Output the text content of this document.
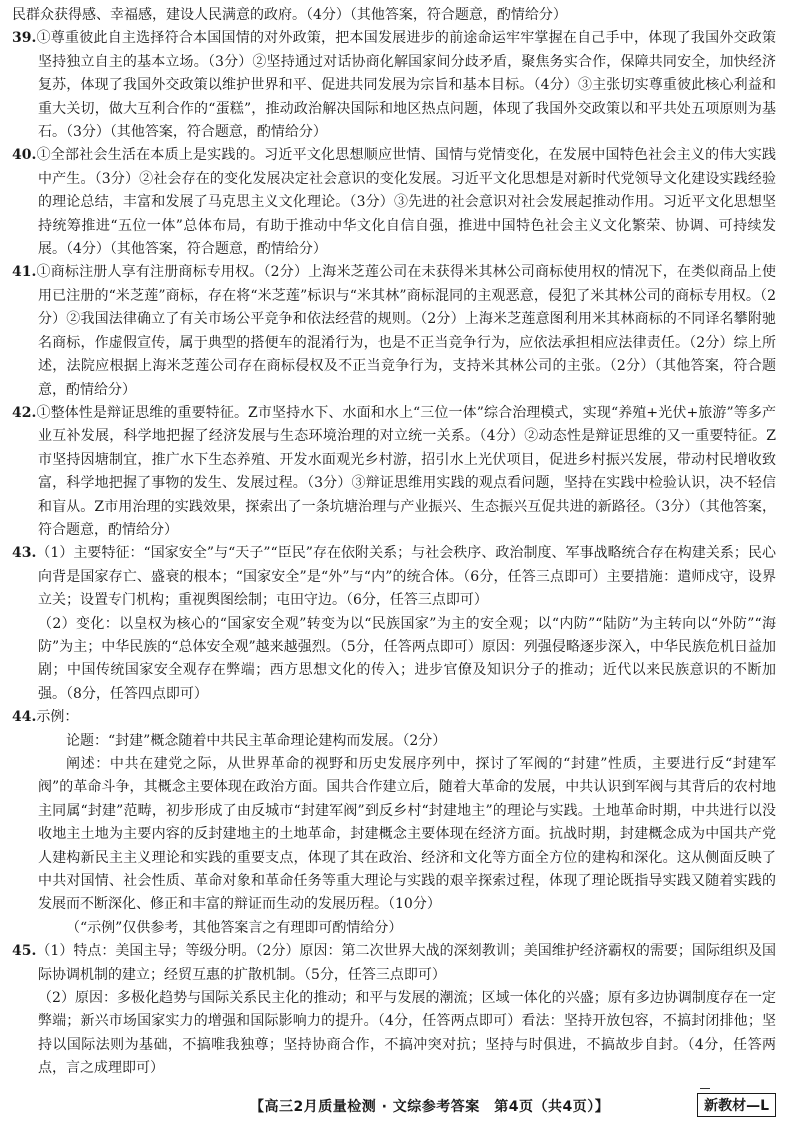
民群众获得感、幸福感，建设人民满意的政府。（4分）（其他答案，符合题意，酌情给分）

39.①尊重彼此自主选择符合本国国情的对外政策，把本国发展进步的前途命运牢牢掌握在自己手中，体现了我国外交政策坚持独立自主的基本立场。（3分）②坚持通过对话协商化解国家间分歧矛盾，聚焦务实合作，保障共同安全，加快经济复苏，体现了我国外交政策以维护世界和平、促进共同发展为宗旨和基本目标。（4分）③主张切实尊重彼此核心利益和重大关切，做大互利合作的“蛋糕”，推动政治解决国际和地区热点问题，体现了我国外交政策以和平共处五项原则为基石。（3分）（其他答案，符合题意，酌情给分）

40.①全部社会生活在本质上是实践的。习近平文化思想顺应世情、国情与党情变化，在发展中国特色社会主义的伟大实践中产生。（3分）②社会存在的变化发展决定社会意识的变化发展。习近平文化思想是对新时代党领导文化建设实践经验的理论总结，丰富和发展了马克思主义文化理论。（3分）③先进的社会意识对社会发展起推动作用。习近平文化思想坚持统筹推进“五位一体”总体布局，有助于推动中华文化自信自强，推进中国特色社会主义文化繁荣、协调、可持续发展。（4分）（其他答案，符合题意，酌情给分）

41.①商标注册人享有注册商标专用权。（2分）上海米芝莲公司在未获得米其林公司商标使用权的情况下，在类似商品上使用已注册的“米芝莲”商标，存在将“米芝莲”标识与“米其林”商标混同的主观恶意，侵犯了米其林公司的商标专用权。（2分）②我国法律确立了有关市场公平竞争和依法经营的规则。（2分）上海米芝莲意图利用米其林商标的不同译名攀附驰名商标，作虚假宣传，属于典型的搭便车的混淆行为，也是不正当竞争行为，应依法承担相应法律责任。（2分）综上所述，法院应根据上海米芝莲公司存在商标侵权及不正当竞争行为，支持米其林公司的主张。（2分）（其他答案，符合题意，酌情给分）

42.①整体性是辩证思维的重要特征。Z市坚持水下、水面和水上“三位一体”综合治理模式，实现“养殖+光伏+旅游”等多产业互补发展，科学地把握了经济发展与生态环境治理的对立统一关系。（4分）②动态性是辩证思维的又一重要特征。Z市坚持因塘制宜，推广水下生态养殖、开发水面观光乡村游，招引水上光伏项目，促进乡村振兴发展，带动村民增收致富，科学地把握了事物的发生、发展过程。（3分）③辩证思维用实践的观点看问题，坚持在实践中检验认识，决不轻信和盲从。Z市用治理的实践效果，探索出了一条坑塘治理与产业振兴、生态振兴互促共进的新路径。（3分）（其他答案，符合题意，酌情给分）

43.（1）主要特征：“国家安全”与“天子”“臣民”存在依附关系；与社会秩序、政治制度、军事战略统合存在构建关系；民心向背是国家存亡、盛衰的根本；“国家安全”是“外”与“内”的统合体。（6分，任答三点即可）主要措施：遣师戍守，设界立关；设置专门机构；重视舆图绘制；屯田守边。（6分，任答三点即可）

（2）变化：以皇权为核心的“国家安全观”转变为以“民族国家”为主的安全观；以“内防”“陆防”为主转向以“外防”“海防”为主；中华民族的“总体安全观”越来越强烈。（5分，任答两点即可）原因：列强侵略逐步深入，中华民族危机日益加剧；中国传统国家安全观存在弊端；西方思想文化的传入；进步官僚及知识分子的推动；近代以来民族意识的不断加强。（8分，任答四点即可）

44.示例：

论题：“封建”概念随着中共民主革命理论建构而发展。（2分）

阐述：中共在建党之际，从世界革命的视野和历史发展序列中，探讨了军阀的“封建”性质，主要进行反“封建军阀”的革命斗争，其概念主要体现在政治方面。国共合作建立后，随着大革命的发展，中共认识到军阀与其背后的农村地主同属“封建”范畴，初步形成了由反城市“封建军阀”到反乡村“封建地主”的理论与实践。土地革命时期，中共进行以没收地主土地为主要内容的反封建地主的土地革命，封建概念主要体现在经济方面。抗战时期，封建概念成为中国共产党人建构新民主主义理论和实践的重要支点，体现了其在政治、经济和文化等方面全方位的建构和深化。这从侧面反映了中共对国情、社会性质、革命对象和革命任务等重大理论与实践的艰辛探索过程，体现了理论既指导实践又随着实践的发展而不断深化、修正和丰富的辩证而生动的发展历程。（10分）

（“示例”仅供参考，其他答案言之有理即可酌情给分）

45.（1）特点：美国主导；等级分明。（2分）原因：第二次世界大战的深刻教训；美国维护经济霸权的需要；国际组织及国际协调机制的建立；经贸互惠的扩散机制。（5分，任答三点即可）

（2）原因：多极化趋势与国际关系民主化的推动；和平与发展的潮流；区域一体化的兴盛；原有多边协调制度存在一定弊端；新兴市场国家实力的增强和国际影响力的提升。（4分，任答两点即可）看法：坚持开放包容，不搞封闭排他；坚持以国际法则为基础，不搞唯我独尊；坚持协商合作，不搞冲突对抗；坚持与时俱进，不搞故步自封。（4分，任答两点，言之成理即可）

【高三2月质量检测 · 文综参考答案　第4页（共4页）】	新教材—L
